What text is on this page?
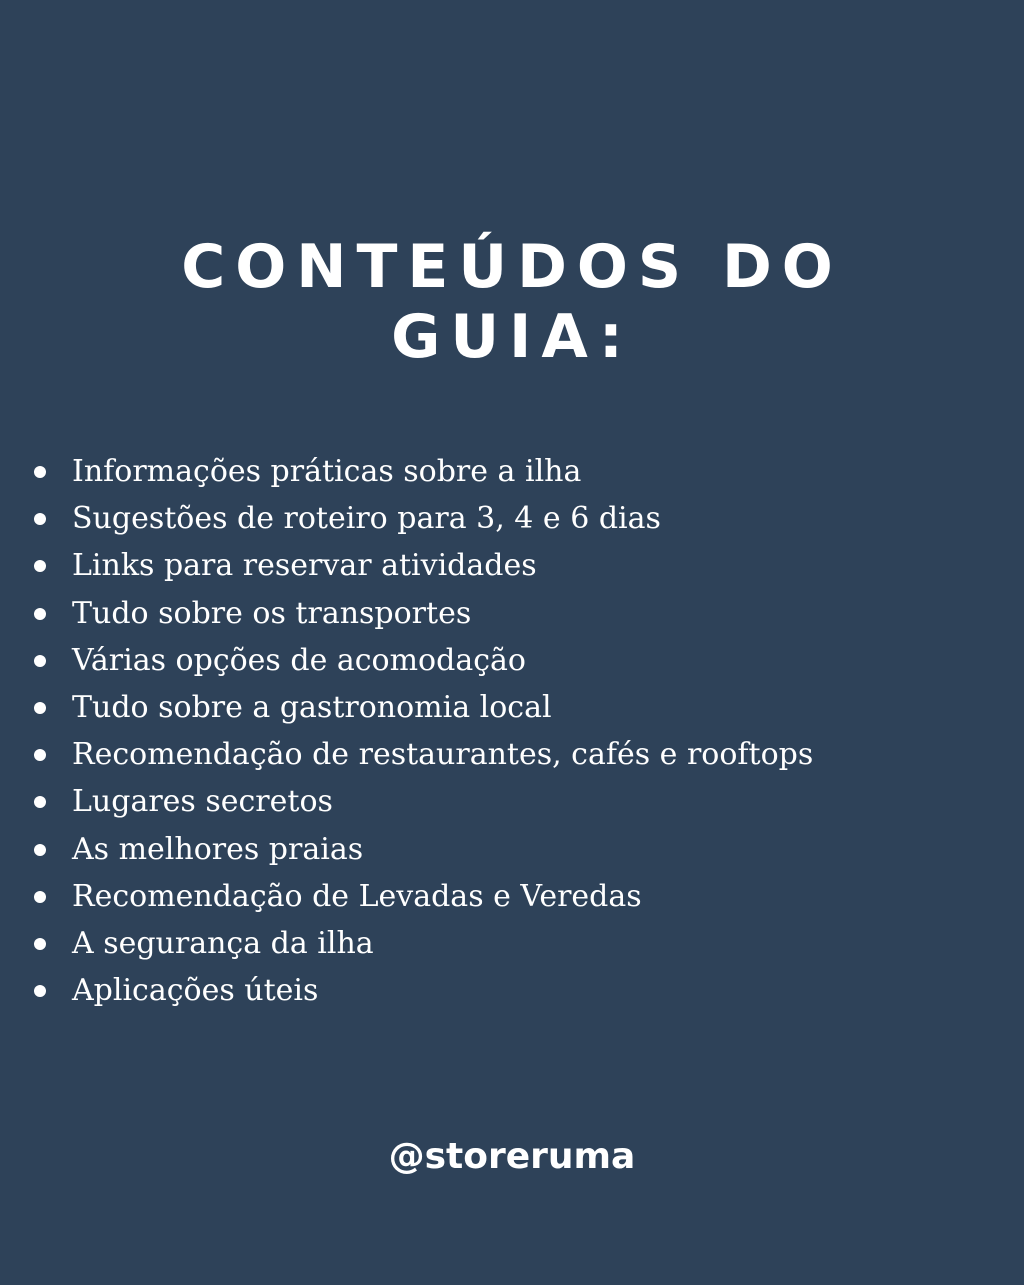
CONTEÚDOS DO
GUIA:
Informações práticas sobre a ilha
Sugestões de roteiro para 3, 4 e 6 dias
Links para reservar atividades
Tudo sobre os transportes
Várias opções de acomodação
Tudo sobre a gastronomia local
Recomendação de restaurantes, cafés e rooftops
Lugares secretos
As melhores praias
Recomendação de Levadas e Veredas
A segurança da ilha
Aplicações úteis
@storeruma
